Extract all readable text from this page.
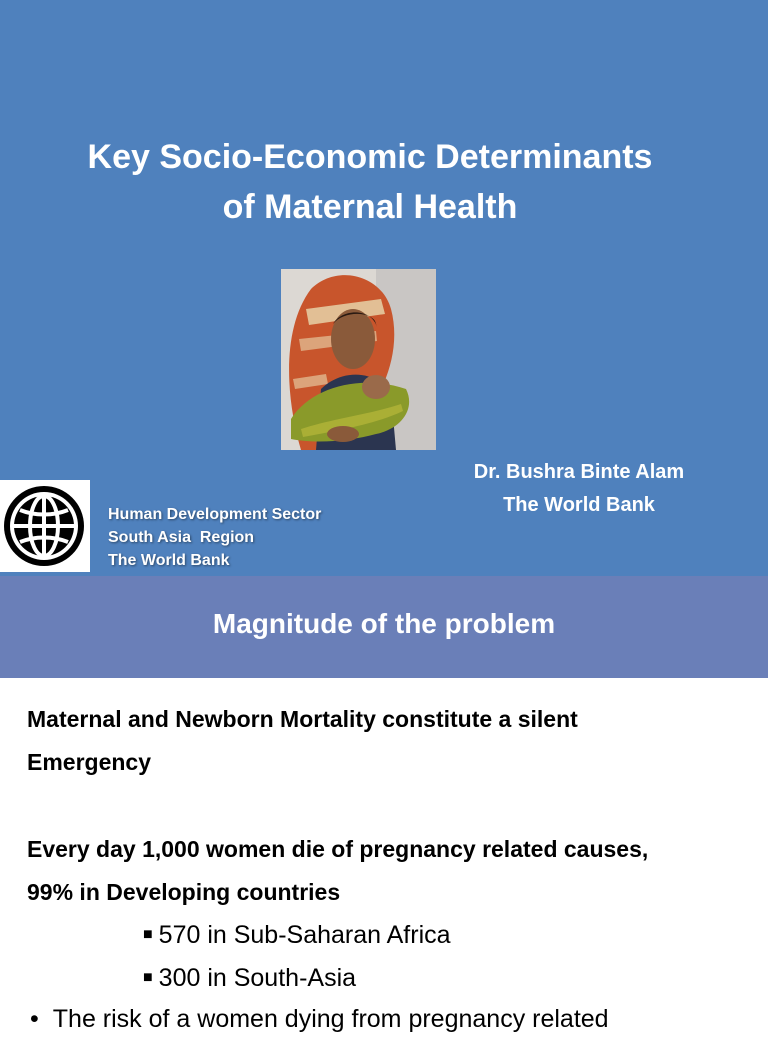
Key Socio-Economic Determinants
of Maternal Health
Dr. Bushra Binte Alam
The World Bank
Human Development Sector
South Asia  Region
The World Bank
Magnitude of the problem
Maternal and Newborn Mortality constitute a silent
Emergency
Every day 1,000 women die of pregnancy related causes,
99% in Developing countries
■ 570 in Sub-Saharan Africa
■ 300 in South-Asia
• The risk of a women dying from pregnancy related
